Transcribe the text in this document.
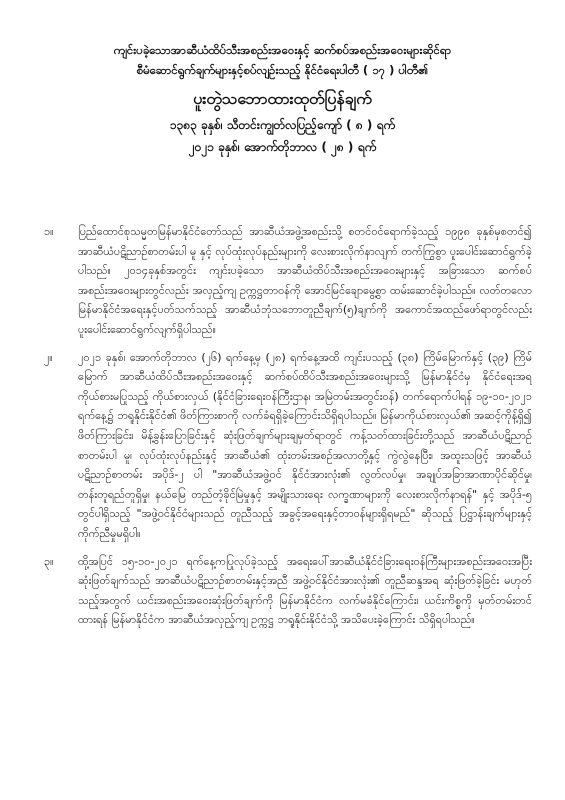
ကျင်းပခဲ့သောအာဆီယံထိပ်သီးအစည်းအဝေးနှင့် ဆက်စပ်အစည်းအဝေးများဆိုင်ရာ
စီမံဆောင်ရွက်ချက်များနှင့်စပ်လျဉ်းသည့် နိုင်ငံရေးပါတီ ( ၁၇ ) ပါတီ၏
ပူးတွဲသဘောထားထုတ်ပြန်ချက်
၁၃၈၃ ခုနှစ်၊ သီတင်းကျွတ်လပြည့်ကျော် ( ၈ ) ရက်
၂၀၂၁ ခုနှစ်၊ အောက်တိုဘာလ ( ၂၈ ) ရက်
၁။	ပြည်ထောင်စုသမ္မတမြန်မာနိုင်ငံတော်သည် အာဆီယံအဖွဲ့အစည်းသို့ စတင်ဝင်ရောက်ခဲ့သည့် ၁၉၉၈ ခုနှစ်မှစတင်၍ အာဆီယံပဋိညာဉ်စာတမ်းပါ မူ နှင့် လုပ်ထုံးလုပ်နည်းများကို လေးစားလိုက်နာလျက် တက်ကြွစွာ ပူးပေါင်းဆောင်ရွက်ခဲ့ပါသည်။ ၂၀၁၄ခုနှစ်အတွင်း ကျင်းပခဲ့သော အာဆီယံထိပ်သီးအစည်းအဝေးများနှင့် အခြားသော ဆက်စပ်အစည်းအဝေးများတွင်လည်း အလှည့်ကျ ဥက္ကဋ္ဌတာဝန်ကို အောင်မြင်ချောမွေ့စွာ ထမ်းဆောင်ခဲ့ပါသည်။ လတ်တလော မြန်မာနိုင်ငံအရေးနှင့်ပတ်သက်သည့် အာဆီယံဘုံသဘောတူညီချက်(၅)ချက်ကို အကောင်အထည်ဖော်ရာတွင်လည်း ပူးပေါင်းဆောင်ရွက်လျက်ရှိပါသည်။
၂။	၂၀၂၁ ခုနှစ်၊ အောက်တိုဘာလ (၂၆) ရက်နေ့မှ (၂၈) ရက်နေ့အထိ ကျင်းပသည့် (၃၈) ကြိမ်မြောက်နှင့် (၃၉) ကြိမ်မြောက် အာဆီယံထိပ်သီးအစည်းအဝေးနှင့် ဆက်စပ်ထိပ်သီးအစည်းအဝေးများသို့ မြန်မာနိုင်ငံမှ နိုင်ငံရေးအရ ကိုယ်စားမပြုသည့် ကိုယ်စားလှယ် (နိုင်ငံခြားရေးဝန်ကြီးဌာန၊ အမြဲတမ်းအတွင်းဝန်) တက်ရောက်ပါရန် ၁၉-၁၀-၂၀၂၁ ရက်နေ့၌ ဘရူနိုင်းနိုင်ငံ၏ ဖိတ်ကြားစာကို လက်ခံရရှိခဲ့ကြောင်းသိရှိရပါသည်။ မြန်မာကိုယ်စားလှယ်၏ အဆင့်ကိုန့်ရှိ၍ ဖိတ်ကြားခြင်း၊ မိန့်ခွန်းပြောခြင်းနှင့် ဆုံးဖြတ်ချက်များချမှတ်ရာတွင် ကန့်သတ်ထားခြင်းတို့သည် အာဆီယံပဋိညာဉ်စာတမ်းပါ မူ၊ လုပ်ထုံးလုပ်နည်းနှင့် အာဆီယံ၏ ထုံးတမ်းအစဉ်အလာတို့နှင့် ကွဲလွဲနေပြီး၊ အထူးသဖြင့် အာဆီယံပဋိညာဉ်စာတမ်း အပိုဒ်-၂ ပါ "အာဆီယံအဖွဲ့ဝင် နိုင်ငံအားလုံး၏ လွတ်လပ်မှု၊ အချုပ်အခြာအာဏာပိုင်ဆိုင်မှု၊ တန်းတူရည်တူရှိမှု၊ နယ်မြေ တည်တံ့ခိုင်မြဲမှုနှင့် အမျိုးသားရေး လက္ခဏာများကို လေးစားလိုက်နာရန်" နှင့် အပိုဒ်-၅ တွင်ပါရှိသည့် "အဖွဲ့ဝင်နိုင်ငံများသည် တူညီသည့် အခွင့်အရေးနှင့်တာဝန်များရှိရမည်" ဆိုသည့် ပြဋ္ဌာန်းချက်များနှင့် ကိုက်ညီမှုမရှိပါ။
၃။	ထို့အပြင် ၁၅-၁၀-၂၀၂၁ ရက်နေ့ကပြုလုပ်ခဲ့သည့် အရေးပေါ်အာဆီယံနိုင်ငံခြားရေးဝန်ကြီးများအစည်းအဝေးအပြီး ဆုံးဖြတ်ချက်သည် အာဆီယံပဋိညာဉ်စာတမ်းနှင့်အညီ အဖွဲ့ဝင်နိုင်ငံအားလုံး၏ တူညီဆန္ဒအရ ဆုံးဖြတ်ခဲ့ခြင်း မဟုတ်သည့်အတွက် ယင်းအစည်းအဝေးဆုံးဖြတ်ချက်ကို မြန်မာနိုင်ငံက လက်မခံနိုင်ကြောင်း၊ ယင်းကိစ္စကို မှတ်တမ်းတင်ထားရန် မြန်မာနိုင်ငံက အာဆီယံအလှည့်ကျ ဥက္ကဋ္ဌ ဘရူနိုင်းနိုင်ငံသို့ အသိပေးခဲ့ကြောင်း သိရှိရပါသည်။
